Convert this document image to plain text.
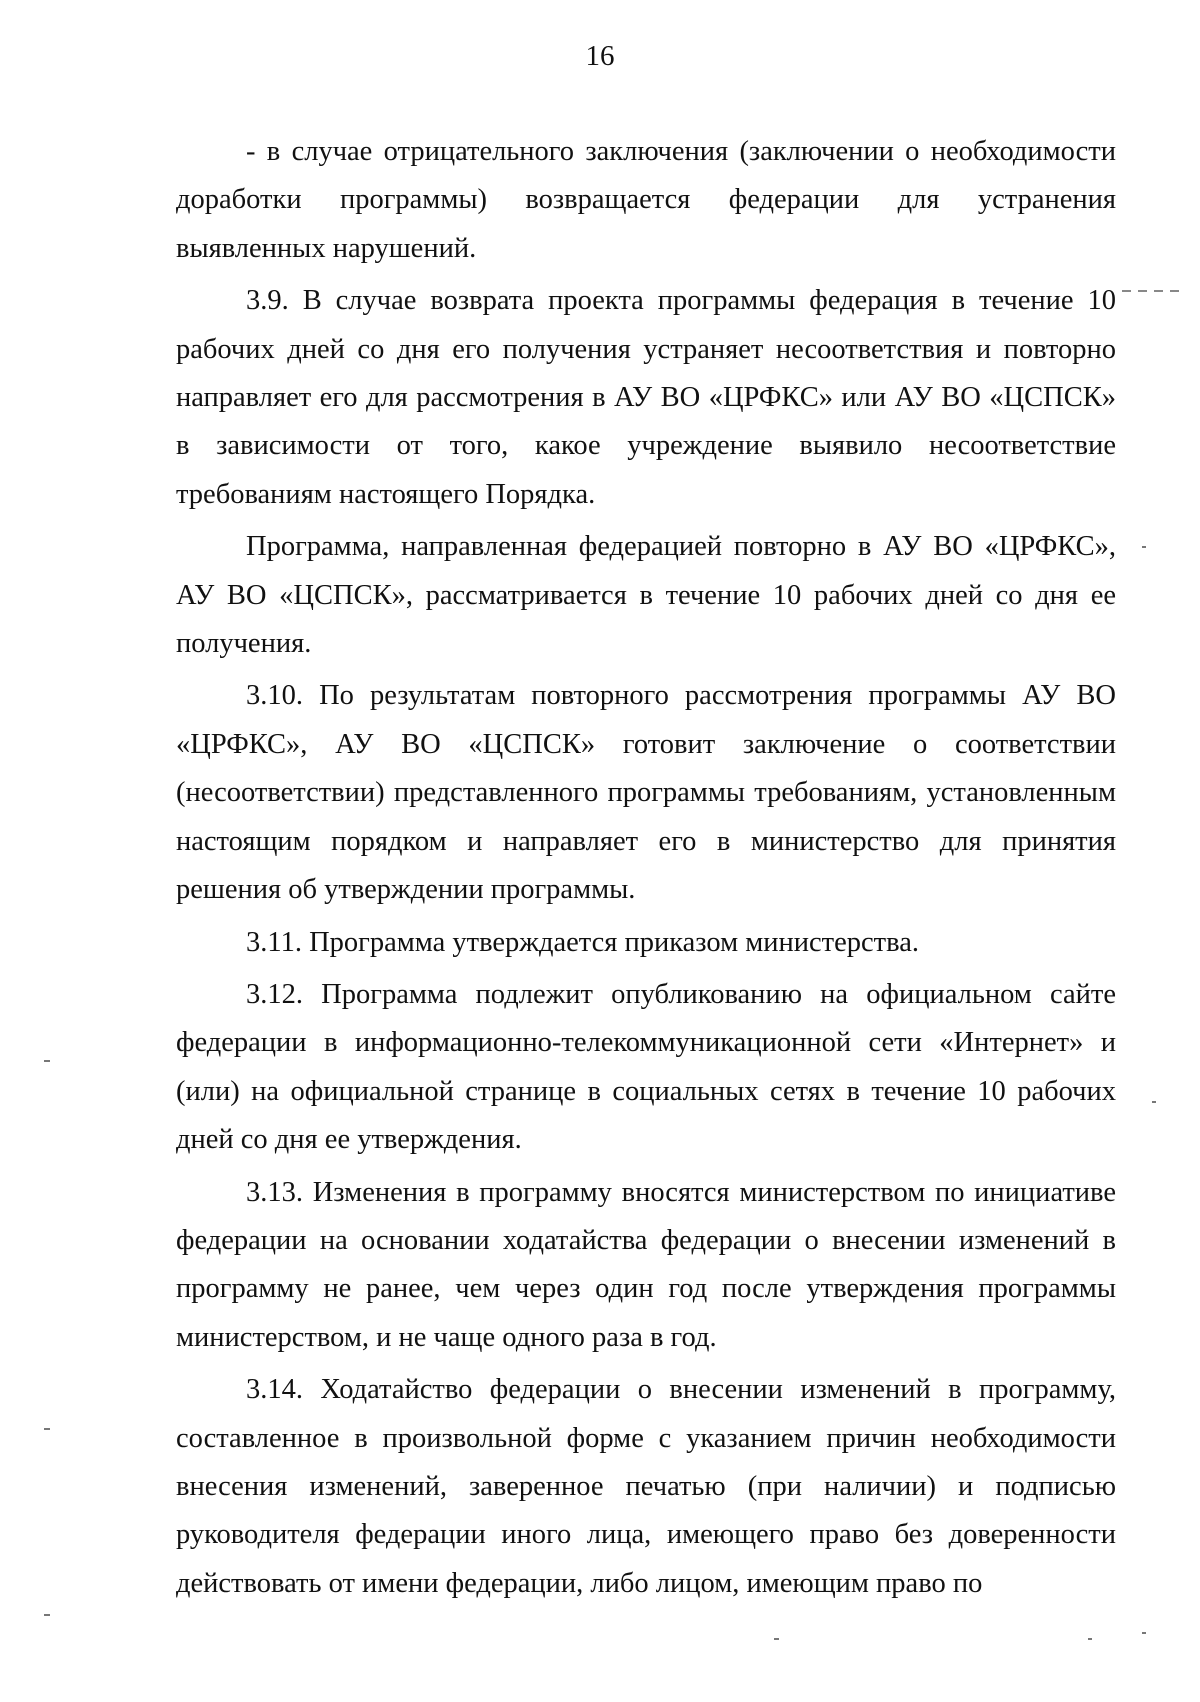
16

- в случае отрицательного заключения (заключении о необходимости доработки программы) возвращается федерации для устранения выявленных нарушений.

3.9. В случае возврата проекта программы федерация в течение 10 рабочих дней со дня его получения устраняет несоответствия и повторно направляет его для рассмотрения в АУ ВО «ЦРФКС» или АУ ВО «ЦСПСК» в зависимости от того, какое учреждение выявило несоответствие требованиям настоящего Порядка.

Программа, направленная федерацией повторно в АУ ВО «ЦРФКС», АУ ВО «ЦСПСК», рассматривается в течение 10 рабочих дней со дня ее получения.

3.10. По результатам повторного рассмотрения программы АУ ВО «ЦРФКС», АУ ВО «ЦСПСК» готовит заключение о соответствии (несоответствии) представленного программы требованиям, установленным настоящим порядком и направляет его в министерство для принятия решения об утверждении программы.

3.11. Программа утверждается приказом министерства.

3.12. Программа подлежит опубликованию на официальном сайте федерации в информационно-телекоммуникационной сети «Интернет» и (или) на официальной странице в социальных сетях в течение 10 рабочих дней со дня ее утверждения.

3.13. Изменения в программу вносятся министерством по инициативе федерации на основании ходатайства федерации о внесении изменений в программу не ранее, чем через один год после утверждения программы министерством, и не чаще одного раза в год.

3.14. Ходатайство федерации о внесении изменений в программу, составленное в произвольной форме с указанием причин необходимости внесения изменений, заверенное печатью (при наличии) и подписью руководителя федерации иного лица, имеющего право без доверенности действовать от имени федерации, либо лицом, имеющим право по
